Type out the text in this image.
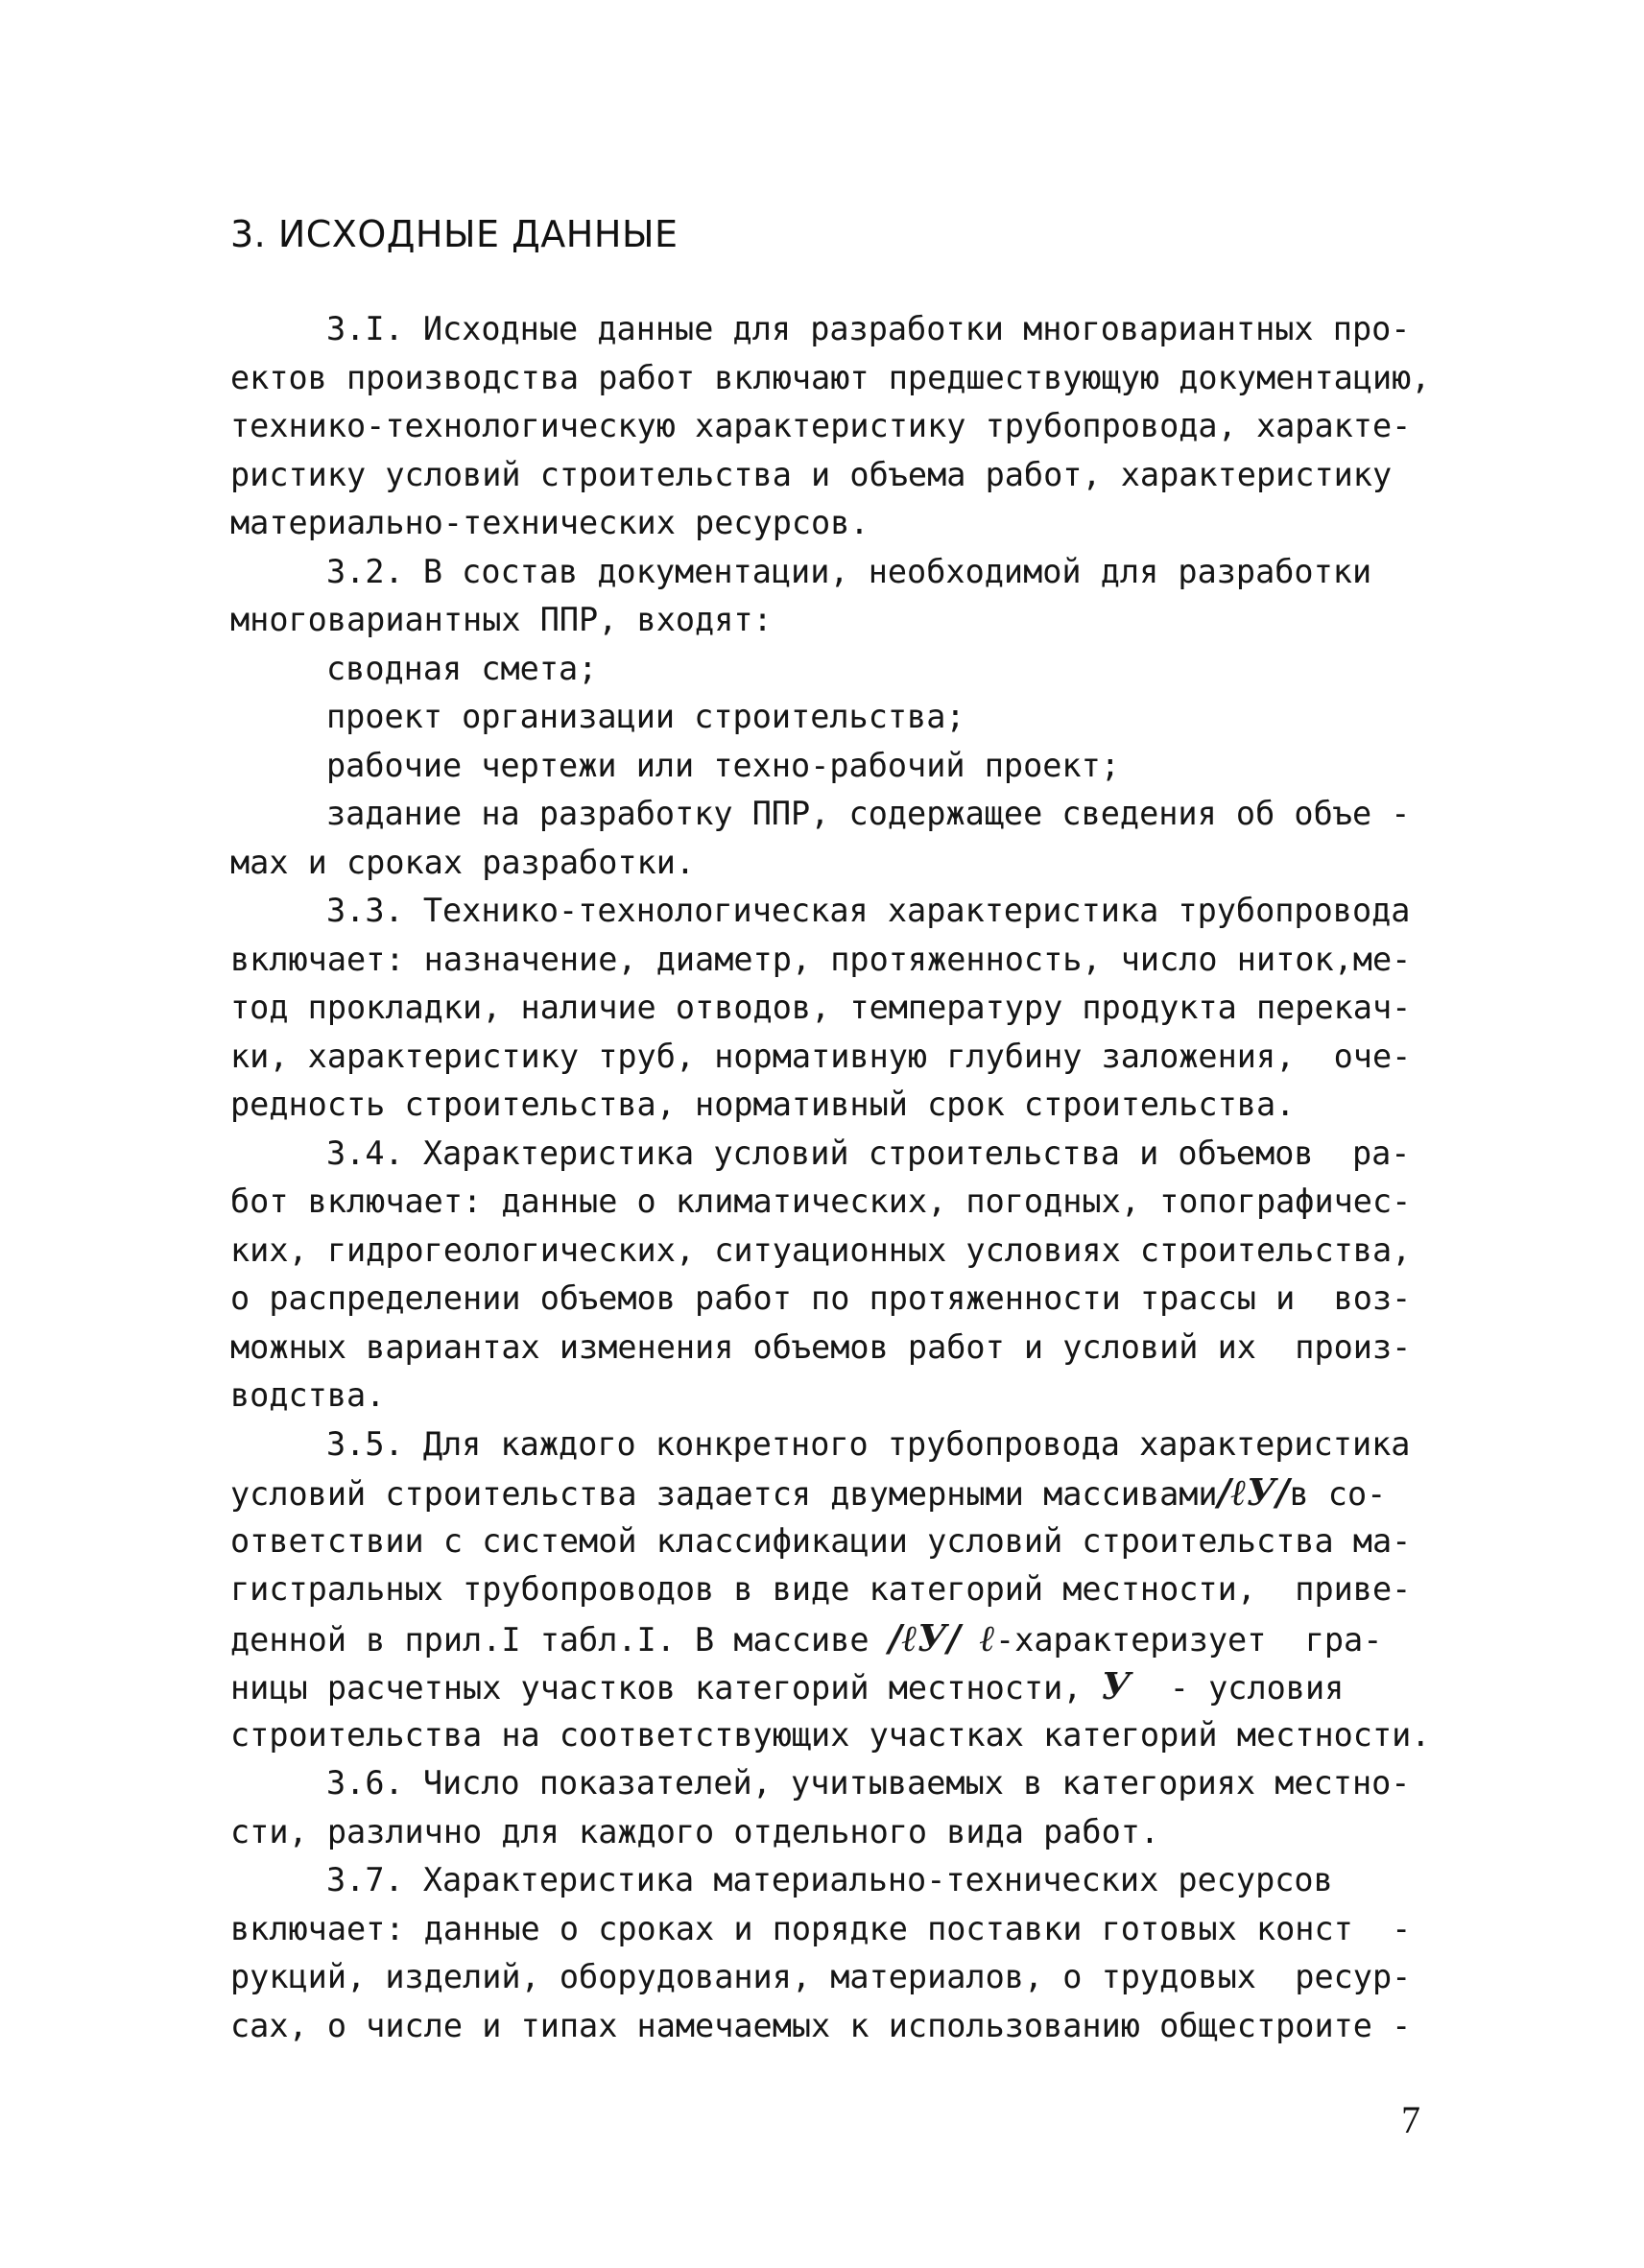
3. ИСХОДНЫЕ ДАННЫЕ
3.I. Исходные данные для разработки многовариантных про-
ектов производства работ включают предшествующую документацию,
технико-технологическую характеристику трубопровода, характе-
ристику условий строительства и объема работ, характеристику
материально-технических ресурсов.
3.2. В состав документации, необходимой для разработки
многовариантных ППР, входят:
сводная смета;
проект организации строительства;
рабочие чертежи или техно-рабочий проект;
задание на разработку ППР, содержащее сведения об объе -
мах и сроках разработки.
3.3. Технико-технологическая характеристика трубопровода
включает: назначение, диаметр, протяженность, число ниток,ме-
тод прокладки, наличие отводов, температуру продукта перекач-
ки, характеристику труб, нормативную глубину заложения,  оче-
редность строительства, нормативный срок строительства.
3.4. Характеристика условий строительства и объемов  ра-
бот включает: данные о климатических, погодных, топографичес-
ких, гидрогеологических, ситуационных условиях строительства,
о распределении объемов работ по протяженности трассы и  воз-
можных вариантах изменения объемов работ и условий их  произ-
водства.
3.5. Для каждого конкретного трубопровода характеристика
условий строительства задается двумерными массивами/ℓУ/в со-
ответствии с системой классификации условий строительства ма-
гистральных трубопроводов в виде категорий местности,  приве-
денной в прил.I табл.I. В массиве /ℓУ/ ℓ-характеризует  гра-
ницы расчетных участков категорий местности, У  - условия
строительства на соответствующих участках категорий местности.
3.6. Число показателей, учитываемых в категориях местно-
сти, различно для каждого отдельного вида работ.
3.7. Характеристика материально-технических ресурсов
включает: данные о сроках и порядке поставки готовых конст  -
рукций, изделий, оборудования, материалов, о трудовых  ресур-
сах, о числе и типах намечаемых к использованию общестроите -
7
